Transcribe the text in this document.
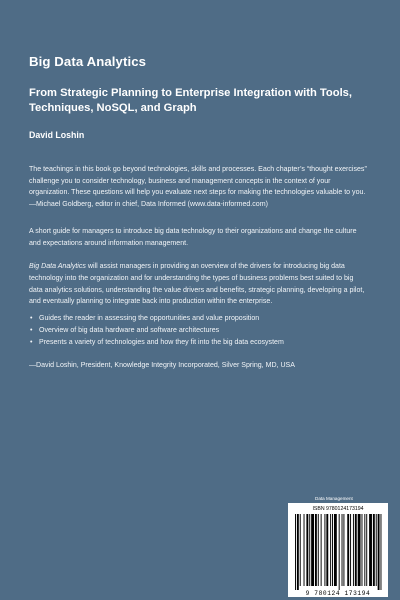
Big Data Analytics
From Strategic Planning to Enterprise Integration with Tools, Techniques, NoSQL, and Graph
David Loshin

The teachings in this book go beyond technologies, skills and processes. Each chapter’s “thought exercises” challenge you to consider technology, business and management concepts in the context of your organization. These questions will help you evaluate next steps for making the technologies valuable to you.
—Michael Goldberg, editor in chief, Data Informed (www.data-informed.com)

A short guide for managers to introduce big data technology to their organizations and change the culture and expectations around information management.

Big Data Analytics will assist managers in providing an overview of the drivers for introducing big data technology into the organization and for understanding the types of business problems best suited to big data analytics solutions, understanding the value drivers and benefits, strategic planning, developing a pilot, and eventually planning to integrate back into production within the enterprise.

• Guides the reader in assessing the opportunities and value proposition
• Overview of big data hardware and software architectures
• Presents a variety of technologies and how they fit into the big data ecosystem

—David Loshin, President, Knowledge Integrity Incorporated, Silver Spring, MD, USA

Data Management
ISBN 9780124173194
9 780124 173194
